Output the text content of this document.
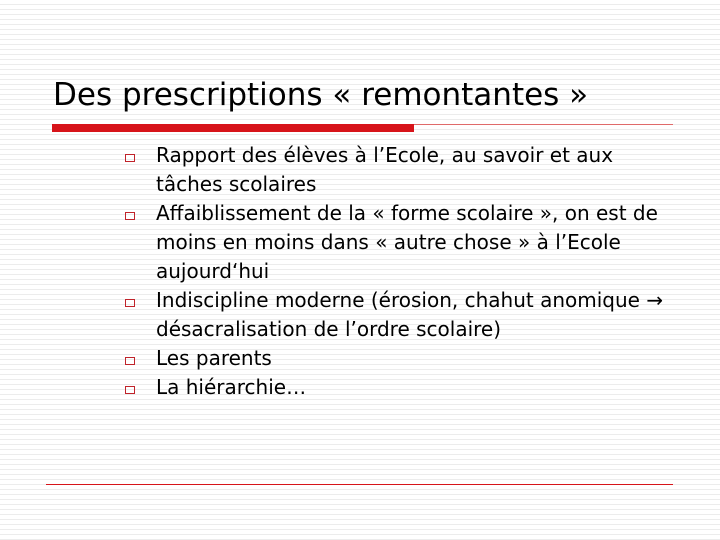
Des prescriptions « remontantes »
Rapport des élèves à l’Ecole, au savoir et aux tâches scolaires
Affaiblissement de la « forme scolaire », on est de moins en moins dans « autre chose » à l’Ecole aujourd‘hui
Indiscipline moderne (érosion, chahut anomique → désacralisation de l’ordre scolaire)
Les parents
La hiérarchie…
